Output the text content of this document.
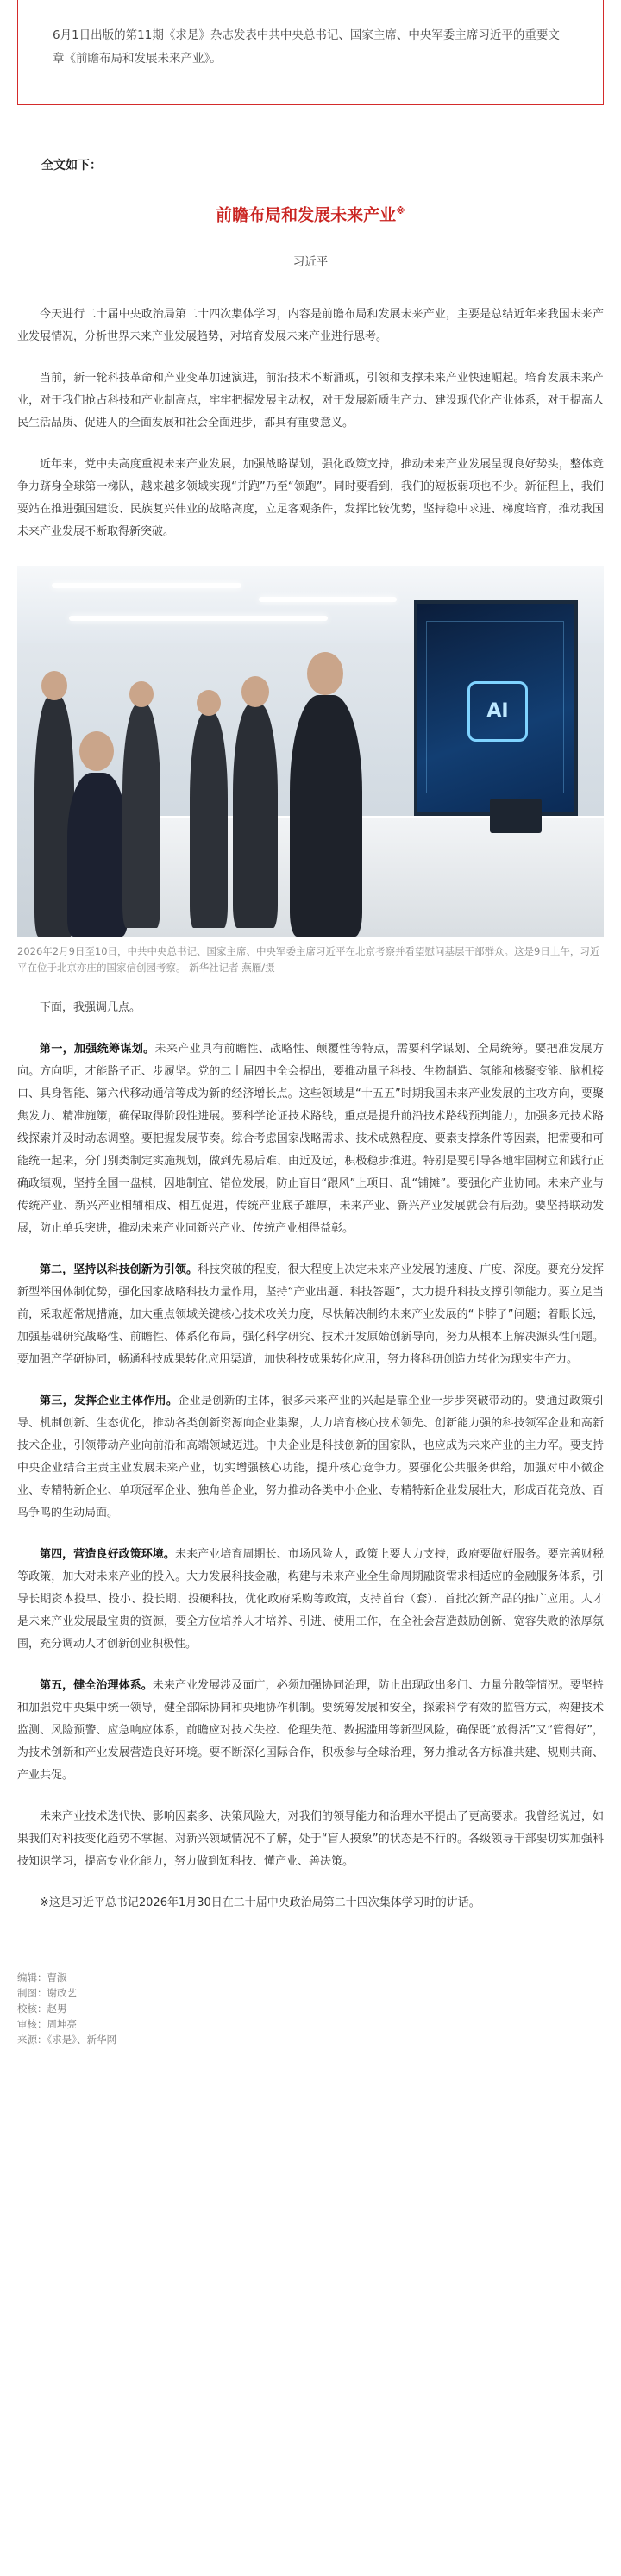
6月1日出版的第11期《求是》杂志发表中共中央总书记、国家主席、中央军委主席习近平的重要文章《前瞻布局和发展未来产业》。

全文如下：
前瞻布局和发展未来产业※
习近平

今天进行二十届中央政治局第二十四次集体学习，内容是前瞻布局和发展未来产业，主要是总结近年来我国未来产业发展情况，分析世界未来产业发展趋势，对培育发展未来产业进行思考。

当前，新一轮科技革命和产业变革加速演进，前沿技术不断涌现，引领和支撑未来产业快速崛起。培育发展未来产业，对于我们抢占科技和产业制高点，牢牢把握发展主动权，对于发展新质生产力、建设现代化产业体系，对于提高人民生活品质、促进人的全面发展和社会全面进步，都具有重要意义。

近年来，党中央高度重视未来产业发展，加强战略谋划，强化政策支持，推动未来产业发展呈现良好势头，整体竞争力跻身全球第一梯队，越来越多领域实现“并跑”乃至“领跑”。同时要看到，我们的短板弱项也不少。新征程上，我们要站在推进强国建设、民族复兴伟业的战略高度，立足客观条件，发挥比较优势，坚持稳中求进、梯度培育，推动我国未来产业发展不断取得新突破。

AI
2026年2月9日至10日，中共中央总书记、国家主席、中央军委主席习近平在北京考察并看望慰问基层干部群众。这是9日上午，习近平在位于北京亦庄的国家信创园考察。 新华社记者 燕雁/摄

下面，我强调几点。

第一，加强统筹谋划。未来产业具有前瞻性、战略性、颠覆性等特点，需要科学谋划、全局统筹。要把准发展方向。方向明，才能路子正、步履坚。党的二十届四中全会提出，要推动量子科技、生物制造、氢能和核聚变能、脑机接口、具身智能、第六代移动通信等成为新的经济增长点。这些领域是“十五五”时期我国未来产业发展的主攻方向，要聚焦发力、精准施策，确保取得阶段性进展。要科学论证技术路线，重点是提升前沿技术路线预判能力，加强多元技术路线探索并及时动态调整。要把握发展节奏。综合考虑国家战略需求、技术成熟程度、要素支撑条件等因素，把需要和可能统一起来，分门别类制定实施规划，做到先易后难、由近及远，积极稳步推进。特别是要引导各地牢固树立和践行正确政绩观，坚持全国一盘棋，因地制宜、错位发展，防止盲目“跟风”上项目、乱“铺摊”。要强化产业协同。未来产业与传统产业、新兴产业相辅相成、相互促进，传统产业底子雄厚，未来产业、新兴产业发展就会有后劲。要坚持联动发展，防止单兵突进，推动未来产业同新兴产业、传统产业相得益彰。

第二，坚持以科技创新为引领。科技突破的程度，很大程度上决定未来产业发展的速度、广度、深度。要充分发挥新型举国体制优势，强化国家战略科技力量作用，坚持“产业出题、科技答题”，大力提升科技支撑引领能力。要立足当前，采取超常规措施，加大重点领域关键核心技术攻关力度，尽快解决制约未来产业发展的“卡脖子”问题；着眼长远，加强基础研究战略性、前瞻性、体系化布局，强化科学研究、技术开发原始创新导向，努力从根本上解决源头性问题。要加强产学研协同，畅通科技成果转化应用渠道，加快科技成果转化应用，努力将科研创造力转化为现实生产力。

第三，发挥企业主体作用。企业是创新的主体，很多未来产业的兴起是靠企业一步步突破带动的。要通过政策引导、机制创新、生态优化，推动各类创新资源向企业集聚，大力培育核心技术领先、创新能力强的科技领军企业和高新技术企业，引领带动产业向前沿和高端领域迈进。中央企业是科技创新的国家队，也应成为未来产业的主力军。要支持中央企业结合主责主业发展未来产业，切实增强核心功能，提升核心竞争力。要强化公共服务供给，加强对中小微企业、专精特新企业、单项冠军企业、独角兽企业，努力推动各类中小企业、专精特新企业发展壮大，形成百花竞放、百鸟争鸣的生动局面。

第四，营造良好政策环境。未来产业培育周期长、市场风险大，政策上要大力支持，政府要做好服务。要完善财税等政策，加大对未来产业的投入。大力发展科技金融，构建与未来产业全生命周期融资需求相适应的金融服务体系，引导长期资本投早、投小、投长期、投硬科技，优化政府采购等政策，支持首台（套）、首批次新产品的推广应用。人才是未来产业发展最宝贵的资源，要全方位培养人才培养、引进、使用工作，在全社会营造鼓励创新、宽容失败的浓厚氛围，充分调动人才创新创业积极性。

第五，健全治理体系。未来产业发展涉及面广，必须加强协同治理，防止出现政出多门、力量分散等情况。要坚持和加强党中央集中统一领导，健全部际协同和央地协作机制。要统筹发展和安全，探索科学有效的监管方式，构建技术监测、风险预警、应急响应体系，前瞻应对技术失控、伦理失范、数据滥用等新型风险，确保既“放得活”又“管得好”，为技术创新和产业发展营造良好环境。要不断深化国际合作，积极参与全球治理，努力推动各方标准共建、规则共商、产业共促。

未来产业技术迭代快、影响因素多、决策风险大，对我们的领导能力和治理水平提出了更高要求。我曾经说过，如果我们对科技变化趋势不掌握、对新兴领域情况不了解，处于“盲人摸象”的状态是不行的。各级领导干部要切实加强科技知识学习，提高专业化能力，努力做到知科技、懂产业、善决策。

※这是习近平总书记2026年1月30日在二十届中央政治局第二十四次集体学习时的讲话。

编辑：曹淑
制图：谢政艺
校核：赵男
审核：周坤亮
来源：《求是》、新华网
